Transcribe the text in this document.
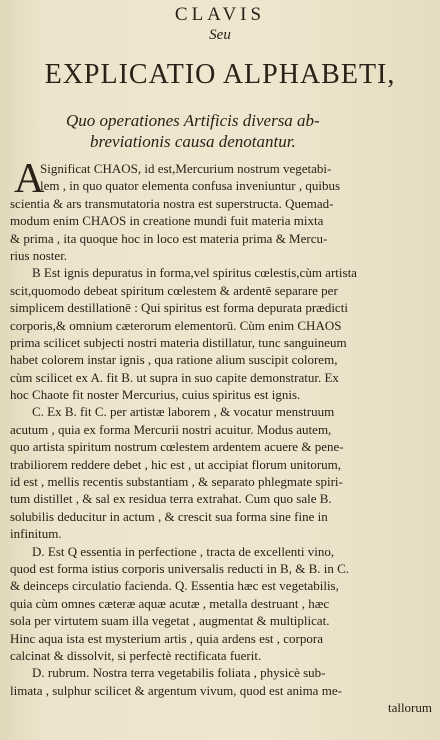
CLAVIS
Seu
EXPLICATIO ALPHABETI,
Quo operationes Artificis diversa ab-
breviationis causa denotantur.
A
Significat CHAOS, id est,Mercurium nostrum vegetabi-
lem , in quo quator elementa confusa inveniuntur , quibus
scientia & ars transmutatoria nostra est superstructa. Quemad-
modum enim CHAOS in creatione mundi fuit materia mixta
& prima , ita quoque hoc in loco est materia prima & Mercu-
rius noster.
B Est ignis depuratus in forma,vel spiritus cœlestis,cùm artista
scit,quomodo debeat spiritum cœlestem & ardentē separare per
simplicem destillationē : Qui spiritus est forma depurata prædicti
corporis,& omnium cæterorum elementorū. Cùm enim CHAOS
prima scilicet subjecti nostri materia distillatur, tunc sanguineum
habet colorem instar ignis , qua ratione alium suscipit colorem,
cùm scilicet ex A. fit B. ut supra in suo capite demonstratur. Ex
hoc Chaote fit noster Mercurius, cuius spiritus est ignis.
C. Ex B. fit C. per artistæ laborem , & vocatur menstruum
acutum , quia ex forma Mercurii nostri acuitur. Modus autem,
quo artista spiritum nostrum cœlestem ardentem acuere & pene-
trabiliorem reddere debet , hic est , ut accipiat florum unitorum,
id est , mellis recentis substantiam , & separato phlegmate spiri-
tum distillet , & sal ex residua terra extrahat. Cum quo sale B.
solubilis deducitur in actum , & crescit sua forma sine fine in
infinitum.
D. Est Q essentia in perfectione , tracta de excellenti vino,
quod est forma istius corporis universalis reducti in B, & B. in C.
& deinceps circulatio facienda. Q. Essentia hæc est vegetabilis,
quia cùm omnes cæteræ aquæ acutæ , metalla destruant , hæc
sola per virtutem suam illa vegetat , augmentat & multiplicat.
Hinc aqua ista est mysterium artis , quia ardens est , corpora
calcinat & dissolvit, si perfectè rectificata fuerit.
D. rubrum. Nostra terra vegetabilis foliata , physicè sub-
limata , sulphur scilicet & argentum vivum, quod est anima me-
tallorum
